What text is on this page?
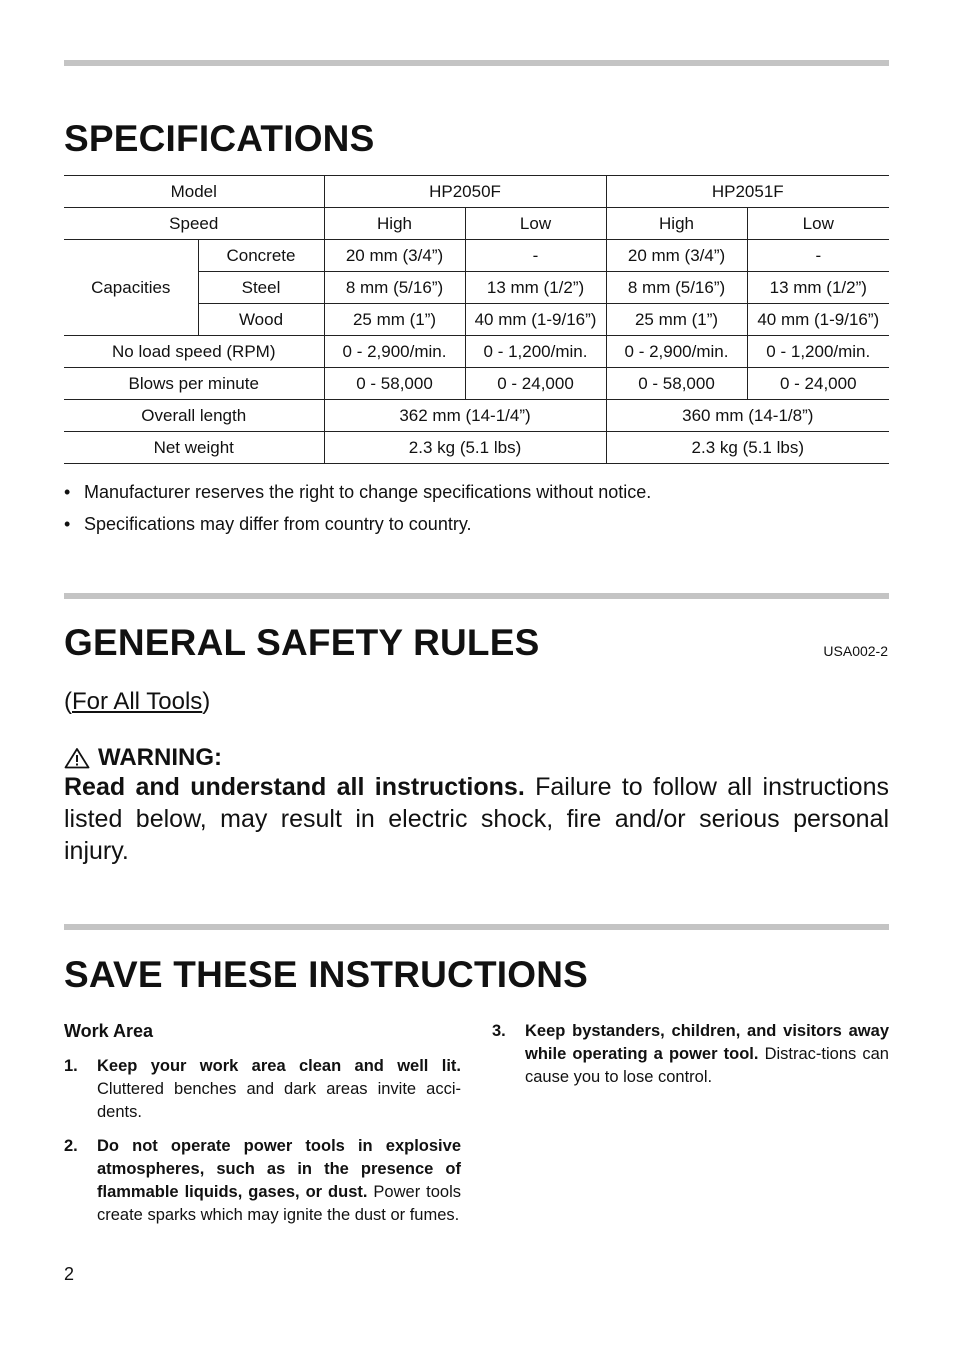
SPECIFICATIONS
Model		HP2050F		HP2051F	
Speed		High	Low	High	Low
Capacities	Concrete	20 mm (3/4”)	-	20 mm (3/4”)	-
	Steel	8 mm (5/16”)	13 mm (1/2”)	8 mm (5/16”)	13 mm (1/2”)
	Wood	25 mm (1”)	40 mm (1-9/16”)	25 mm (1”)	40 mm (1-9/16”)
No load speed (RPM)		0 - 2,900/min.	0 - 1,200/min.	0 - 2,900/min.	0 - 1,200/min.
Blows per minute		0 - 58,000	0 - 24,000	0 - 58,000	0 - 24,000
Overall length		362 mm (14-1/4”)		360 mm (14-1/8”)	
Net weight		2.3 kg (5.1 lbs)		2.3 kg (5.1 lbs)	
• Manufacturer reserves the right to change specifications without notice.
• Specifications may differ from country to country.
GENERAL SAFETY RULES	USA002-2
(For All Tools)
WARNING:

Read and understand all instructions. Failure to follow all instructions listed below, may result in electric shock, fire and/or serious personal injury.

SAVE THESE INSTRUCTIONS
Work Area
1.	Keep your work area clean and well lit. Cluttered benches and dark areas invite acci-dents.
2.	Do not operate power tools in explosive atmospheres, such as in the presence of flammable liquids, gases, or dust. Power tools create sparks which may ignite the dust or fumes.
3.	Keep bystanders, children, and visitors away while operating a power tool. Distrac-tions can cause you to lose control.
2
